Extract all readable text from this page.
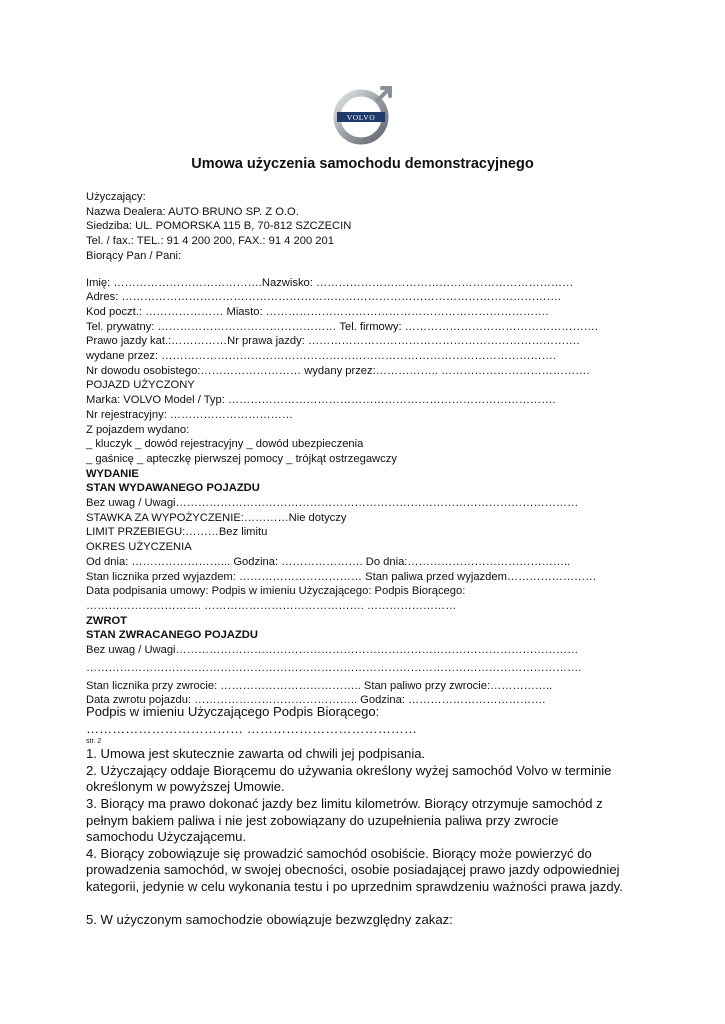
VOLVO
Umowa użyczenia samochodu demonstracyjnego

Użyczający:

Nazwa Dealera: AUTO BRUNO SP. Z O.O.

Siedziba: UL. POMORSKA 115 B, 70-812 SZCZECIN

Tel. / fax.: TEL.: 91 4 200 200, FAX.: 91 4 200 201

Biorący Pan / Pani:

Imię: ………………………………….Nazwisko: ……………………………………………………………

Adres: ……………………………………………………………………………………………………….

Kod poczt.: ………………… Miasto: ………………………………………………………………….

Tel. prywatny: ………………………………………… Tel. firmowy: …………………………………………….

Prawo jazdy kat.:……………Nr prawa jazdy: ……………………………………………………………….

wydane przez: …………………………………………………………………………………………….

Nr dowodu osobistego:……………………… wydany przez:…………….. ………………………………….

POJAZD UŻYCZONY

Marka: VOLVO Model / Typ: …………………………………………………………………………….

Nr rejestracyjny: ……………………………

Z pojazdem wydano:

_ kluczyk _ dowód rejestracyjny _ dowód ubezpieczenia

_ gaśnicę _ apteczkę pierwszej pomocy _ trójkąt ostrzegawczy

WYDANIE

STAN WYDAWANEGO POJAZDU

Bez uwag / Uwagi………………………………………………………………………………………………

STAWKA ZA WYPOŻYCZENIE:…………Nie dotyczy

LIMIT PRZEBIEGU:………Bez limitu

OKRES UŻYCZENIA

Od dnia: ……………………... Godzina: …………………. Do dnia:……………………………………..

Stan licznika przed wyjazdem: …………………………… Stan paliwa przed wyjazdem……………………

Data podpisania umowy: Podpis w imieniu Użyczającego: Podpis Biorącego:

…………………………. ……………………………………. ……………………

ZWROT

STAN ZWRACANEGO POJAZDU

Bez uwag / Uwagi………………………………………………………………………………………………

…………………………………………………………………………………………………………………….

Stan licznika przy zwrocie: ……………………………….. Stan paliwo przy zwrocie:……………..

Data zwrotu pojazdu: …………………………………….. Godzina: ……………………………….

Podpis w imieniu Użyczającego Podpis Biorącego:

……………………………… …………………………………

str. 2

1. Umowa jest skutecznie zawarta od chwili jej podpisania.

2. Użyczający oddaje Biorącemu do używania określony wyżej samochód Volvo w terminie

określonym w powyższej Umowie.

3. Biorący ma prawo dokonać jazdy bez limitu kilometrów. Biorący otrzymuje samochód z

pełnym bakiem paliwa i nie jest zobowiązany do uzupełnienia paliwa przy zwrocie

samochodu Użyczającemu.

4. Biorący zobowiązuje się prowadzić samochód osobiście. Biorący może powierzyć do

prowadzenia samochód, w swojej obecności, osobie posiadającej prawo jazdy odpowiedniej

kategorii, jedynie w celu wykonania testu i po uprzednim sprawdzeniu ważności prawa jazdy.

5. W użyczonym samochodzie obowiązuje bezwzględny zakaz:
